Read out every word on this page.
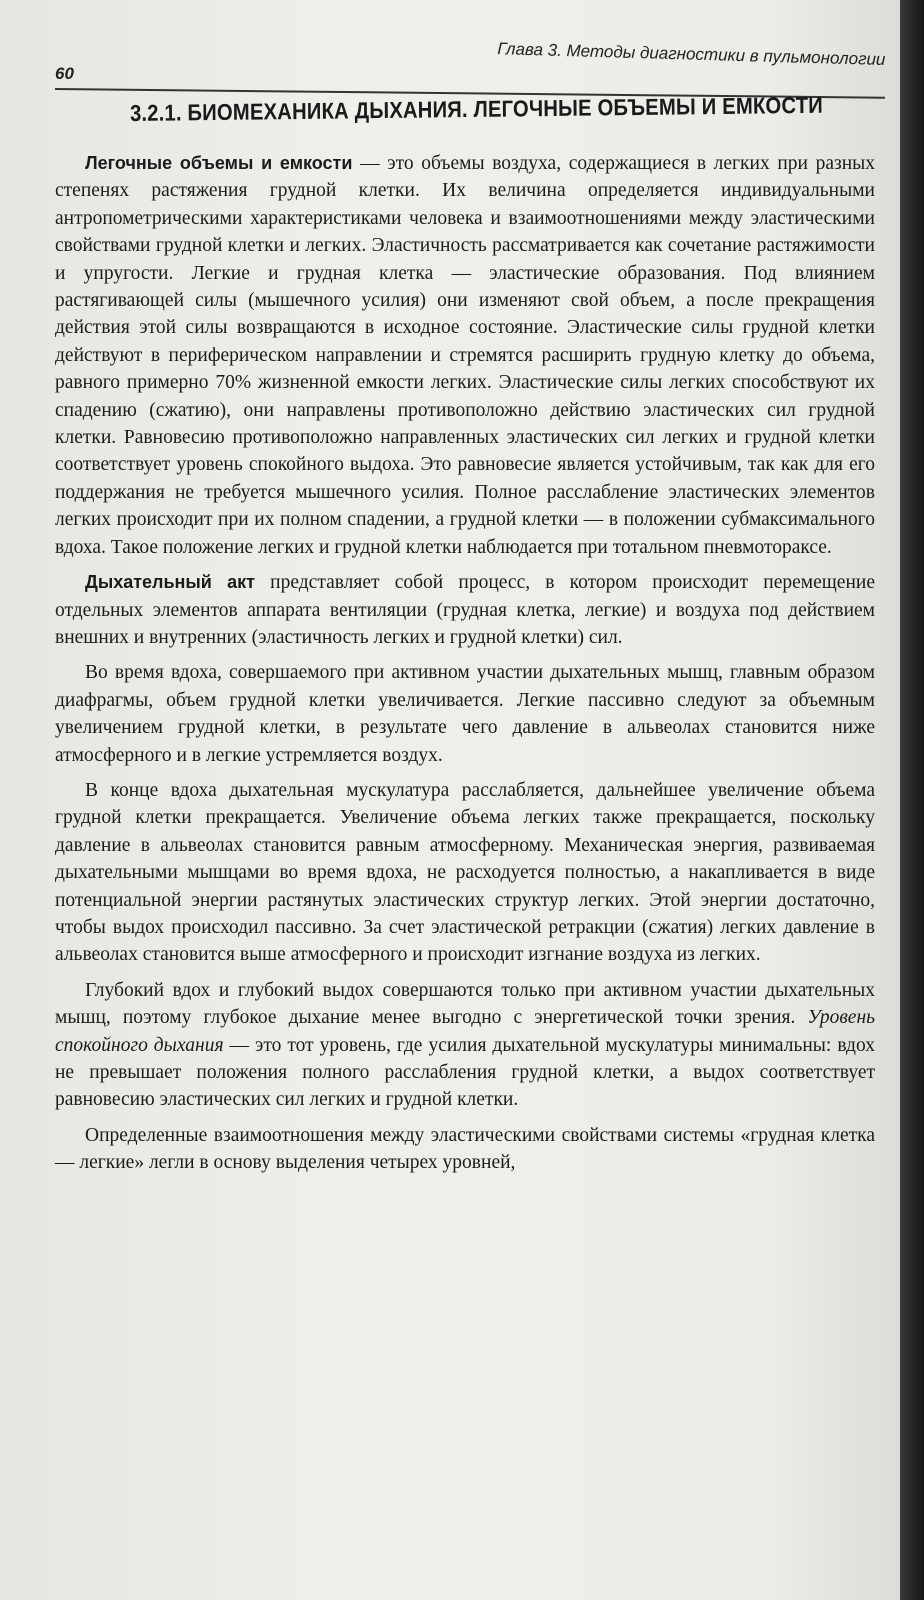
60
Глава 3. Методы диагностики в пульмонологии
3.2.1. БИОМЕХАНИКА ДЫХАНИЯ. ЛЕГОЧНЫЕ ОБЪЕМЫ И ЕМКОСТИ

Легочные объемы и емкости — это объемы воздуха, содержащиеся в легких при разных степенях растяжения грудной клетки. Их величина определяется индивидуальными антропометрическими характеристиками человека и взаимоотношениями между эластическими свойствами грудной клетки и легких. Эластичность рассматривается как сочетание растяжимости и упругости. Легкие и грудная клетка — эластические образования. Под влиянием растягивающей силы (мышечного усилия) они изменяют свой объем, а после прекращения действия этой силы возвращаются в исходное состояние. Эластические силы грудной клетки действуют в периферическом направлении и стремятся расширить грудную клетку до объема, равного примерно 70% жизненной емкости легких. Эластические силы легких способствуют их спадению (сжатию), они направлены противоположно действию эластических сил грудной клетки. Равновесию противоположно направленных эластических сил легких и грудной клетки соответствует уровень спокойного выдоха. Это равновесие является устойчивым, так как для его поддержания не требуется мышечного усилия. Полное расслабление эластических элементов легких происходит при их полном спадении, а грудной клетки — в положении субмаксимального вдоха. Такое положение легких и грудной клетки наблюдается при тотальном пневмотораксе.

Дыхательный акт представляет собой процесс, в котором происходит перемещение отдельных элементов аппарата вентиляции (грудная клетка, легкие) и воздуха под действием внешних и внутренних (эластичность легких и грудной клетки) сил.

Во время вдоха, совершаемого при активном участии дыхательных мышц, главным образом диафрагмы, объем грудной клетки увеличивается. Легкие пассивно следуют за объемным увеличением грудной клетки, в результате чего давление в альвеолах становится ниже атмосферного и в легкие устремляется воздух.

В конце вдоха дыхательная мускулатура расслабляется, дальнейшее увеличение объема грудной клетки прекращается. Увеличение объема легких также прекращается, поскольку давление в альвеолах становится равным атмосферному. Механическая энергия, развиваемая дыхательными мышцами во время вдоха, не расходуется полностью, а накапливается в виде потенциальной энергии растянутых эластических структур легких. Этой энергии достаточно, чтобы выдох происходил пассивно. За счет эластической ретракции (сжатия) легких давление в альвеолах становится выше атмосферного и происходит изгнание воздуха из легких.

Глубокий вдох и глубокий выдох совершаются только при активном участии дыхательных мышц, поэтому глубокое дыхание менее выгодно с энергетической точки зрения. Уровень спокойного дыхания — это тот уровень, где усилия дыхательной мускулатуры минимальны: вдох не превышает положения полного расслабления грудной клетки, а выдох соответствует равновесию эластических сил легких и грудной клетки.

Определенные взаимоотношения между эластическими свойствами системы «грудная клетка — легкие» легли в основу выделения четырех уровней,
